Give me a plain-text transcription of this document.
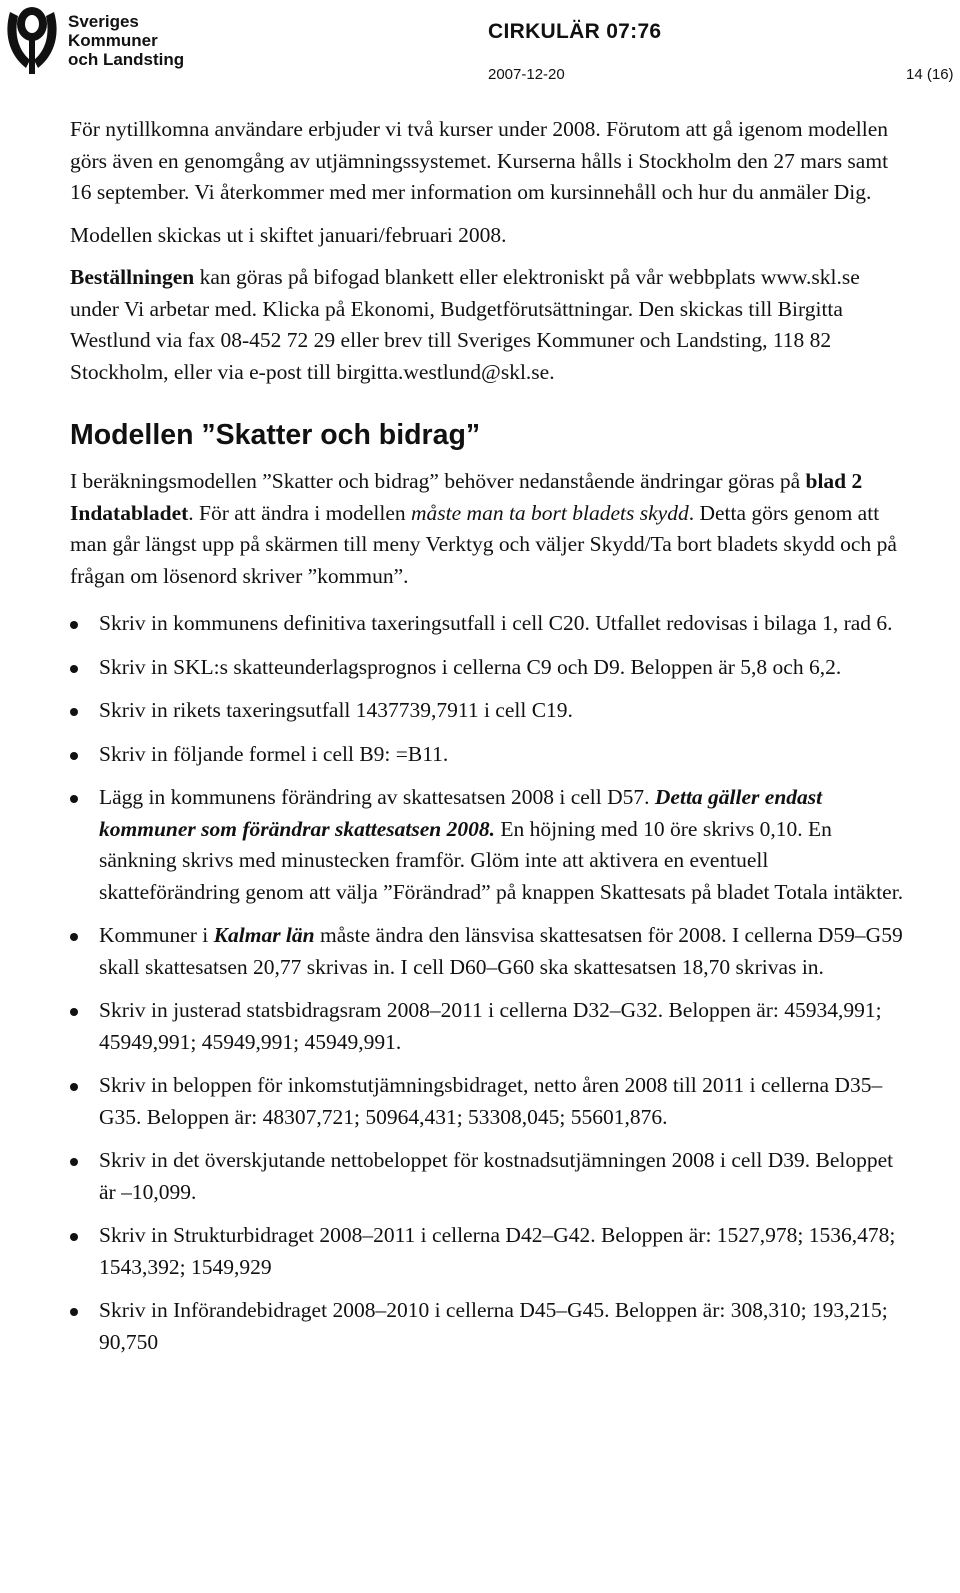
Sveriges
Kommuner
och Landsting
CIRKULÄR 07:76
2007-12-20	14 (16)

För nytillkomna användare erbjuder vi två kurser under 2008. Förutom att gå igenom modellen görs även en genomgång av utjämningssystemet. Kurserna hålls i Stockholm den 27 mars samt 16 september. Vi återkommer med mer information om kursinnehåll och hur du anmäler Dig.

Modellen skickas ut i skiftet januari/februari 2008.

Beställningen kan göras på bifogad blankett eller elektroniskt på vår webbplats www.skl.se under Vi arbetar med. Klicka på Ekonomi, Budgetförutsättningar. Den skickas till Birgitta Westlund via fax 08-452 72 29 eller brev till Sveriges Kommuner och Landsting, 118 82 Stockholm, eller via e-post till birgitta.westlund@skl.se.

Modellen ”Skatter och bidrag”

I beräkningsmodellen ”Skatter och bidrag” behöver nedanstående ändringar göras på blad 2 Indatabladet. För att ändra i modellen måste man ta bort bladets skydd. Detta görs genom att man går längst upp på skärmen till meny Verktyg och väljer Skydd/Ta bort bladets skydd och på frågan om lösenord skriver ”kommun”.

Skriv in kommunens definitiva taxeringsutfall i cell C20. Utfallet redovisas i bilaga 1, rad 6.
Skriv in SKL:s skatteunderlagsprognos i cellerna C9 och D9. Beloppen är 5,8 och 6,2.
Skriv in rikets taxeringsutfall 1437739,7911 i cell C19.
Skriv in följande formel i cell B9: =B11.
Lägg in kommunens förändring av skattesatsen 2008 i cell D57. Detta gäller endast kommuner som förändrar skattesatsen 2008. En höjning med 10 öre skrivs 0,10. En sänkning skrivs med minustecken framför. Glöm inte att aktivera en eventuell skatteförändring genom att välja ”Förändrad” på knappen Skattesats på bladet Totala intäkter.
Kommuner i Kalmar län måste ändra den länsvisa skattesatsen för 2008. I cellerna D59–G59 skall skattesatsen 20,77 skrivas in. I cell D60–G60 ska skattesatsen 18,70 skrivas in.
Skriv in justerad statsbidragsram 2008–2011 i cellerna D32–G32. Beloppen är: 45934,991; 45949,991; 45949,991; 45949,991.
Skriv in beloppen för inkomstutjämningsbidraget, netto åren 2008 till 2011 i cellerna D35–G35. Beloppen är: 48307,721; 50964,431; 53308,045; 55601,876.
Skriv in det överskjutande nettobeloppet för kostnadsutjämningen 2008 i cell D39. Beloppet är –10,099.
Skriv in Strukturbidraget 2008–2011 i cellerna D42–G42. Beloppen är: 1527,978; 1536,478; 1543,392; 1549,929
Skriv in Införandebidraget 2008–2010 i cellerna D45–G45. Beloppen är: 308,310; 193,215; 90,750
